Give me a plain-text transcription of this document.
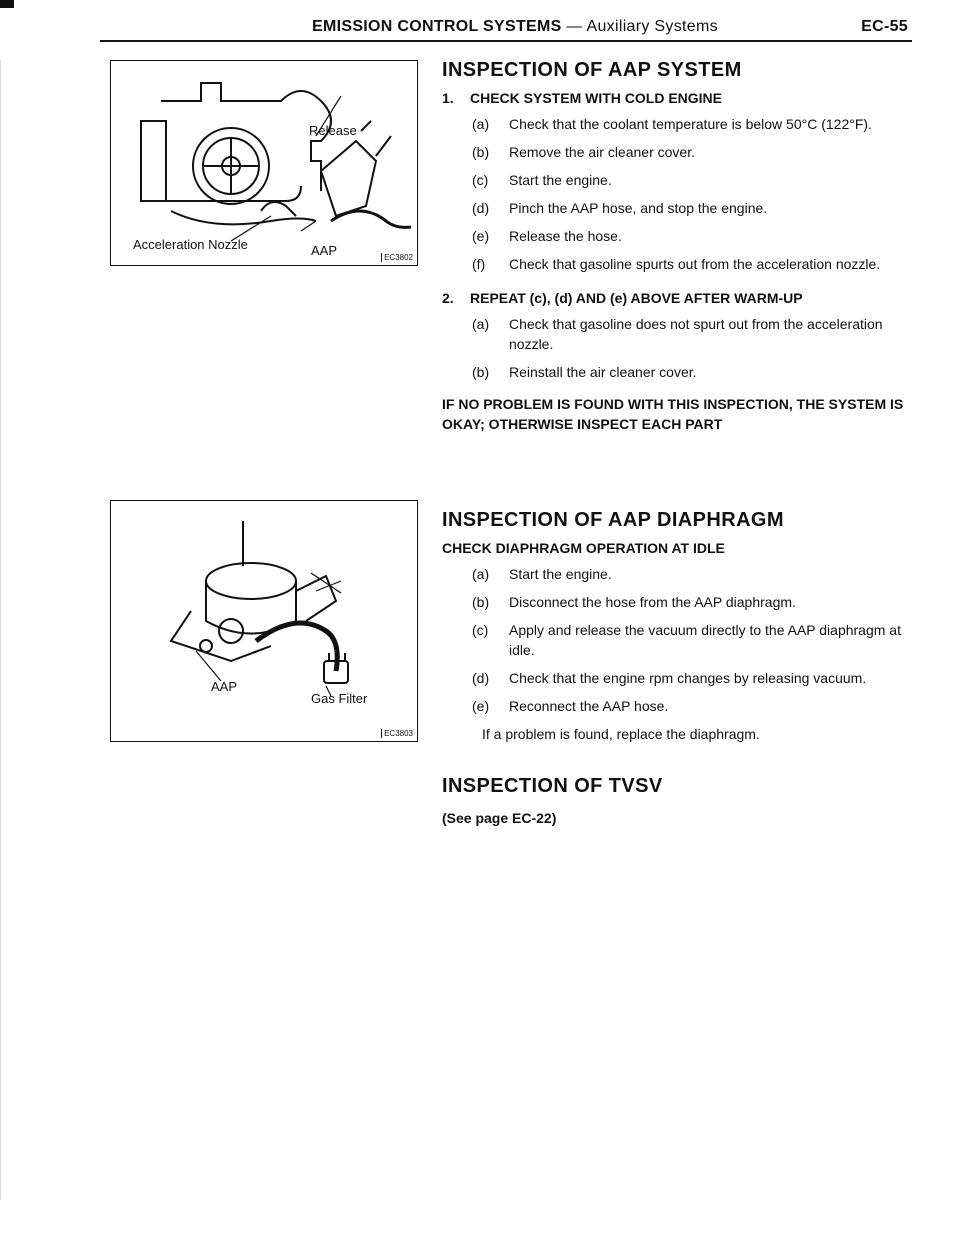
EMISSION CONTROL SYSTEMS — Auxiliary Systems	EC-55
Release
Acceleration Nozzle	AAP	EC3802
AAP
Gas Filter
EC3803
INSPECTION OF AAP SYSTEM
1. CHECK SYSTEM WITH COLD ENGINE

(a) Check that the coolant temperature is below 50°C (122°F).

(b) Remove the air cleaner cover.

(c) Start the engine.

(d) Pinch the AAP hose, and stop the engine.

(e) Release the hose.

(f) Check that gasoline spurts out from the acceleration nozzle.

2. REPEAT (c), (d) AND (e) ABOVE AFTER WARM-UP

(a) Check that gasoline does not spurt out from the acceleration nozzle.

(b) Reinstall the air cleaner cover.

IF NO PROBLEM IS FOUND WITH THIS INSPECTION, THE SYSTEM IS OKAY; OTHERWISE INSPECT EACH PART
INSPECTION OF AAP DIAPHRAGM
CHECK DIAPHRAGM OPERATION AT IDLE

(a) Start the engine.

(b) Disconnect the hose from the AAP diaphragm.

(c) Apply and release the vacuum directly to the AAP diaphragm at idle.

(d) Check that the engine rpm changes by releasing vacuum.

(e) Reconnect the AAP hose.

If a problem is found, replace the diaphragm.
INSPECTION OF TVSV
(See page EC-22)
